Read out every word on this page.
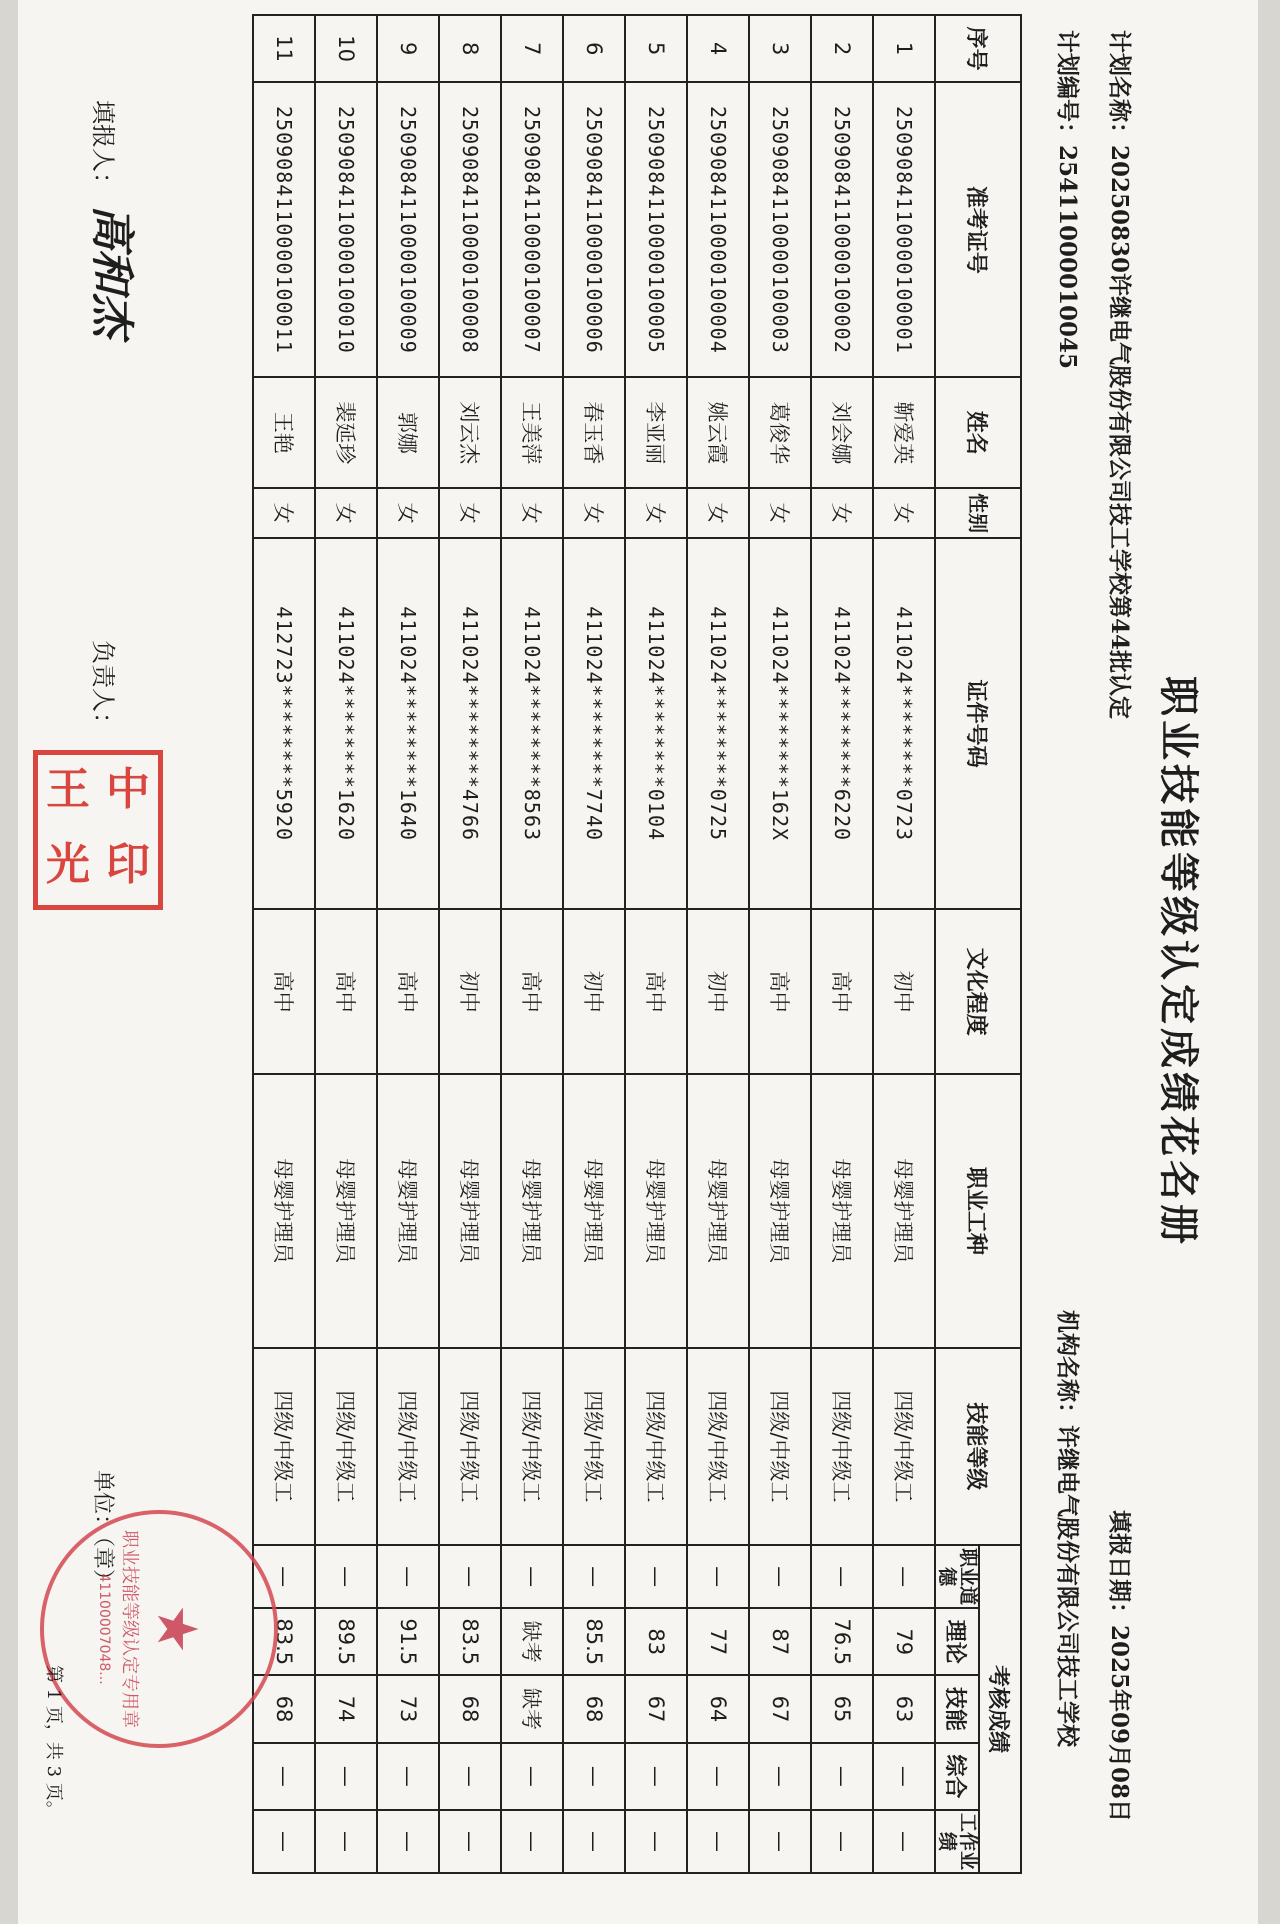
职业技能等级认定成绩花名册
计划名称：20250830许继电气股份有限公司技工学校第44批认定
计划编号：25411000010045
填报日期：2025年09月08日
机构名称：许继电气股份有限公司技工学校
序号	准考证号	姓名	性别	证件号码	文化程度	职业工种	技能等级	考核成绩				
								职业道德	理论	技能	综合	工作业绩
1	2509084110000100001	靳爱英	女	411024********0723	初中	母婴护理员	四级/中级工	—	79	63	—	—
2	2509084110000100002	刘会娜	女	411024********6220	高中	母婴护理员	四级/中级工	—	76.5	65	—	—
3	2509084110000100003	葛俊华	女	411024********162X	高中	母婴护理员	四级/中级工	—	87	67	—	—
4	2509084110000100004	姚云霞	女	411024********0725	初中	母婴护理员	四级/中级工	—	77	64	—	—
5	2509084110000100005	李亚丽	女	411024********0104	高中	母婴护理员	四级/中级工	—	83	67	—	—
6	2509084110000100006	春玉香	女	411024********7740	初中	母婴护理员	四级/中级工	—	85.5	68	—	—
7	2509084110000100007	王美萍	女	411024********8563	高中	母婴护理员	四级/中级工	—	缺考	缺考	—	—
8	2509084110000100008	刘云杰	女	411024********4766	初中	母婴护理员	四级/中级工	—	83.5	68	—	—
9	2509084110000100009	郭娜	女	411024********1640	高中	母婴护理员	四级/中级工	—	91.5	73	—	—
10	2509084110000100010	裴延珍	女	411024********1620	高中	母婴护理员	四级/中级工	—	89.5	74	—	—
11	2509084110000100011	王艳	女	412723********5920	高中	母婴护理员	四级/中级工	—	83.5	68	—	—
填报人：
高和杰
负责人：
王 中
光 印
单位：（章）
★
职业技能等级认定专用章
41100007048...
第 1 页，共 3 页。
